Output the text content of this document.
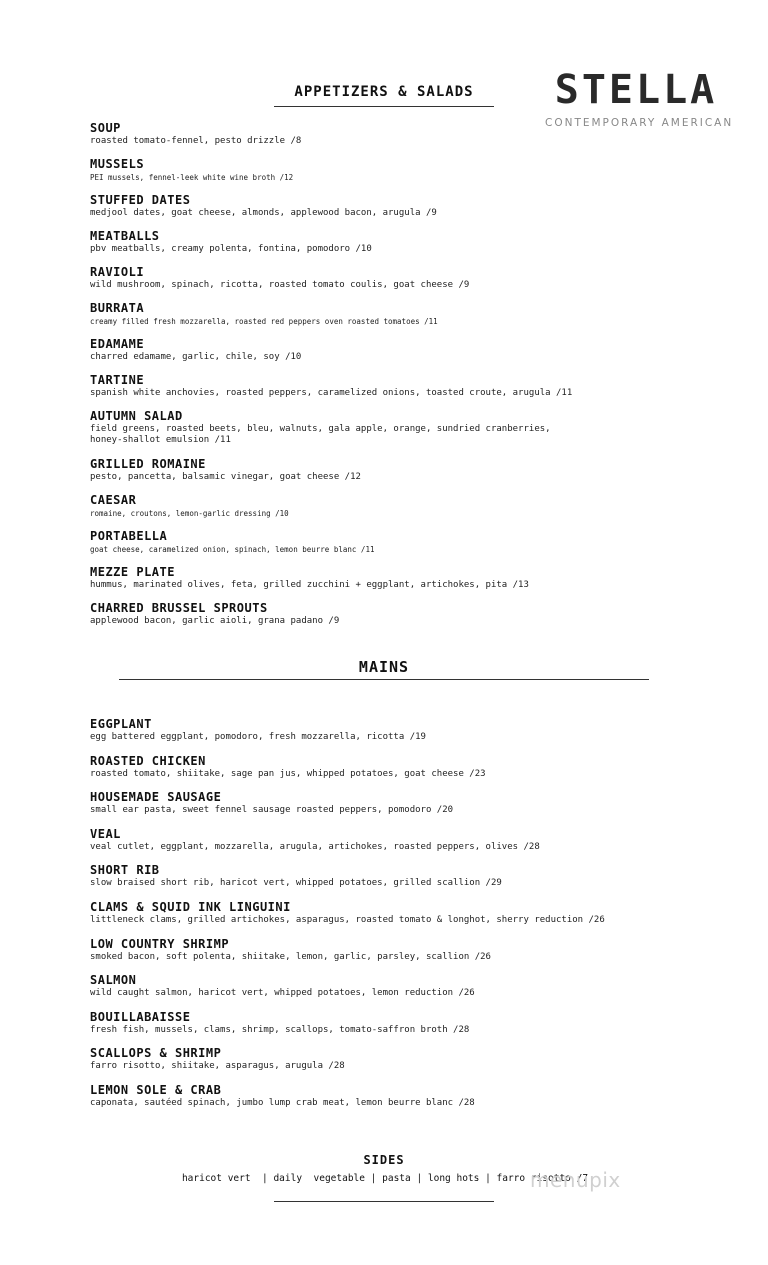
STELLA
CONTEMPORARY AMERICAN
APPETIZERS & SALADS
SOUP
roasted tomato-fennel, pesto drizzle /8
MUSSELS
PEI mussels, fennel-leek white wine broth /12
STUFFED DATES
medjool dates, goat cheese, almonds, applewood bacon, arugula /9
MEATBALLS
pbv meatballs, creamy polenta, fontina, pomodoro /10
RAVIOLI
wild mushroom, spinach, ricotta, roasted tomato coulis, goat cheese /9
BURRATA
creamy filled fresh mozzarella, roasted red peppers oven roasted tomatoes /11
EDAMAME
charred edamame, garlic, chile, soy /10
TARTINE
spanish white anchovies, roasted peppers, caramelized onions, toasted croute, arugula /11
AUTUMN SALAD
field greens, roasted beets, bleu, walnuts, gala apple, orange, sundried cranberries,
honey-shallot emulsion /11
GRILLED ROMAINE
pesto, pancetta, balsamic vinegar, goat cheese /12
CAESAR
romaine, croutons, lemon-garlic dressing /10
PORTABELLA
goat cheese, caramelized onion, spinach, lemon beurre blanc /11
MEZZE PLATE
hummus, marinated olives, feta, grilled zucchini + eggplant, artichokes, pita /13
CHARRED BRUSSEL SPROUTS
applewood bacon, garlic aioli, grana padano /9
MAINS
EGGPLANT
egg battered eggplant, pomodoro, fresh mozzarella, ricotta /19
ROASTED CHICKEN
roasted tomato, shiitake, sage pan jus, whipped potatoes, goat cheese /23
HOUSEMADE SAUSAGE
small ear pasta, sweet fennel sausage roasted peppers, pomodoro /20
VEAL
veal cutlet, eggplant, mozzarella, arugula, artichokes, roasted peppers, olives /28
SHORT RIB
slow braised short rib, haricot vert, whipped potatoes, grilled scallion /29
CLAMS & SQUID INK LINGUINI
littleneck clams, grilled artichokes, asparagus, roasted tomato & longhot, sherry reduction /26
LOW COUNTRY SHRIMP
smoked bacon, soft polenta, shiitake, lemon, garlic, parsley, scallion /26
SALMON
wild caught salmon, haricot vert, whipped potatoes, lemon reduction /26
BOUILLABAISSE
fresh fish, mussels, clams, shrimp, scallops, tomato-saffron broth /28
SCALLOPS & SHRIMP
farro risotto, shiitake, asparagus, arugula /28
LEMON SOLE & CRAB
caponata, sautéed spinach, jumbo lump crab meat, lemon beurre blanc /28
SIDES
haricot vert  | daily  vegetable | pasta | long hots | farro risotto /7
menupix
